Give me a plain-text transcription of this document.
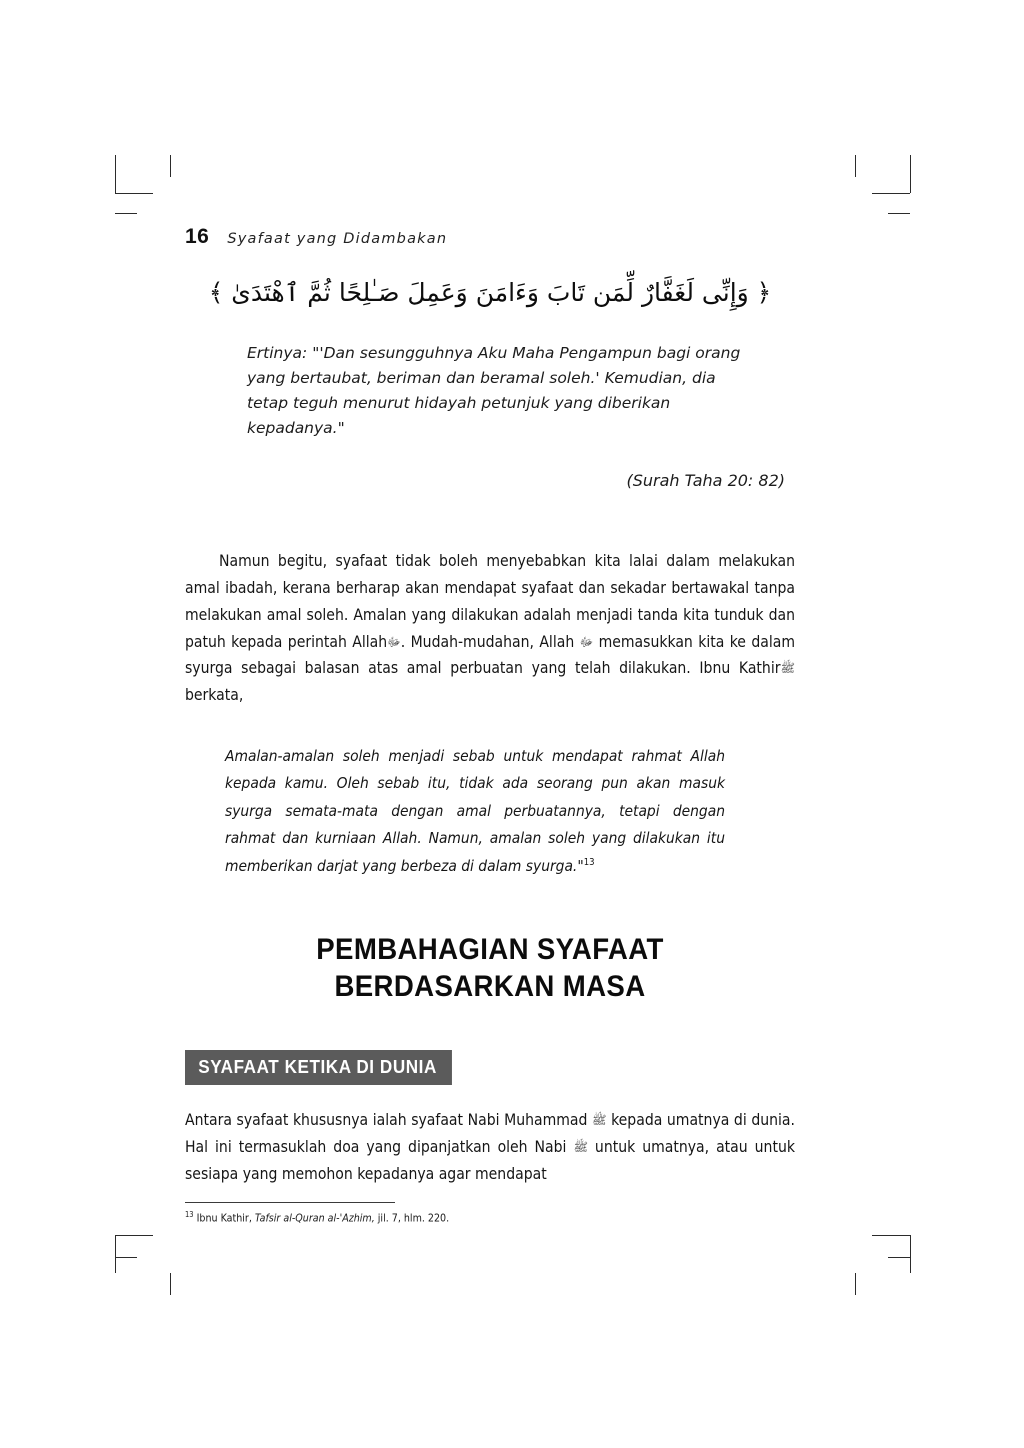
16 Syafaat yang Didambakan
﴿ وَإِنِّى لَغَفَّارٌ لِّمَن تَابَ وَءَامَنَ وَعَمِلَ صَـٰلِحًا ثُمَّ ٱهْتَدَىٰ ﴾
Ertinya: "'Dan sesungguhnya Aku Maha Pengampun bagi orang yang bertaubat, beriman dan beramal soleh.' Kemudian, dia tetap teguh menurut hidayah petunjuk yang diberikan kepadanya."
(Surah Taha 20: 82)
Namun begitu, syafaat tidak boleh menyebabkan kita lalai dalam melakukan amal ibadah, kerana berharap akan mendapat syafaat dan sekadar bertawakal tanpa melakukan amal soleh. Amalan yang dilakukan adalah menjadi tanda kita tunduk dan patuh kepada perintah Allahﷻ. Mudah-mudahan, Allah ﷻ memasukkan kita ke dalam syurga sebagai balasan atas amal perbuatan yang telah dilakukan. Ibnu Kathirﷺ berkata,
Amalan-amalan soleh menjadi sebab untuk mendapat rahmat Allah kepada kamu. Oleh sebab itu, tidak ada seorang pun akan masuk syurga semata-mata dengan amal perbuatannya, tetapi dengan rahmat dan kurniaan Allah. Namun, amalan soleh yang dilakukan itu memberikan darjat yang berbeza di dalam syurga."$^{13}$
PEMBAHAGIAN SYAFAAT
BERDASARKAN MASA
SYAFAAT KETIKA DI DUNIA
Antara syafaat khususnya ialah syafaat Nabi Muhammad ﷺ kepada umatnya di dunia. Hal ini termasuklah doa yang dipanjatkan oleh Nabi ﷺ untuk umatnya, atau untuk sesiapa yang memohon kepadanya agar mendapat
$^{13}$ Ibnu Kathir, Tafsir al-Quran al-'Azhim, jil. 7, hlm. 220.
